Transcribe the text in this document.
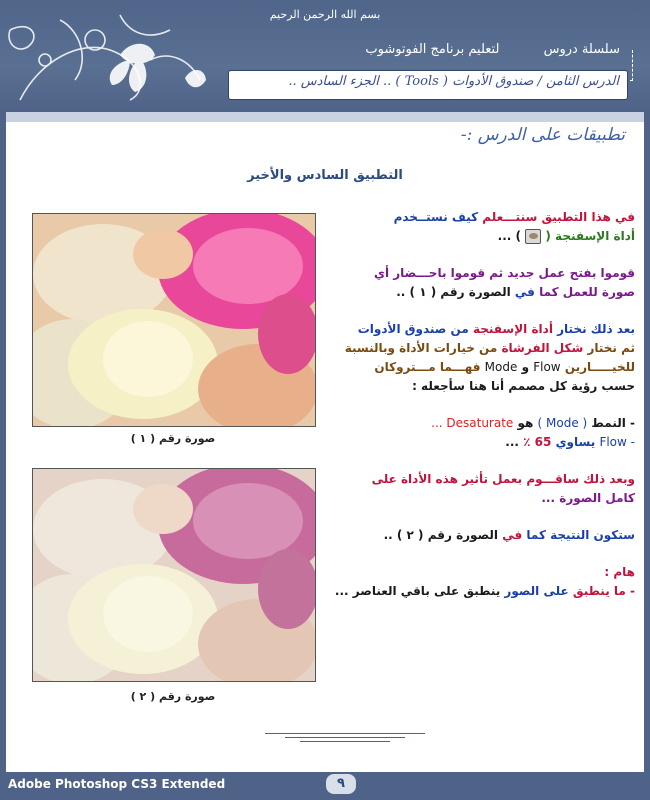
بسم الله الرحمن الرحيم
سلسلة دروس لتعليم برنامج الفوتوشوب
الدرس الثامن / صندوق الأدوات ( Tools ) .. الجزء السادس ..
تطبيقات على الدرس :-
التطبيق السادس والأخير
صورة رقم ( ١ )
صورة رقم ( ٢ )
في هذا التطبيق سنتـــعلم كيف نستــخدم
أداة الإسفنجة (
) ...
قوموا بفتح عمل جديد ثم قوموا باحـــضار أي
صورة للعمل كما في الصورة رقم ( ١ ) ..
بعد ذلك نختار أداة الإسفنجة من صندوق الأدوات
ثم نختار شكل الفرشاة من خيارات الأداة وبالنسبة
للخيـــــارين Flow و Mode فهـــما مـــتروكان
حسب رؤية كل مصمم أنا هنا سأجعله :
- النمط ( Mode ) هو Desaturate ...
- Flow يساوي 65 ٪ ...
وبعد ذلك ساقـــوم بعمل تأثير هذه الأداة على
كامل الصورة ...
ستكون النتيجة كما في الصورة رقم ( ٢ ) ..
هام :
- ما ينطبق على الصور ينطبق على باقي العناصر ...
Adobe Photoshop CS3 Extended	٩
